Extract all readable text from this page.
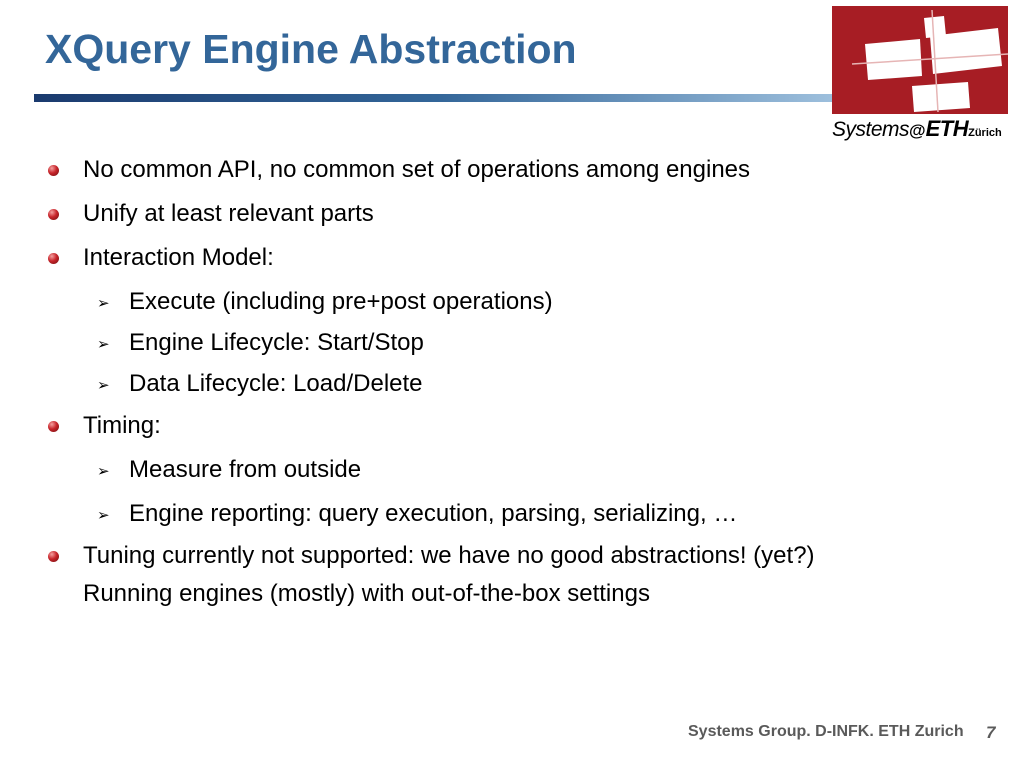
XQuery Engine Abstraction
Systems@ETHZürich
No common API, no common set of operations among engines
Unify at least relevant parts
Interaction Model:
➢ Execute (including pre+post operations)
➢ Engine Lifecycle: Start/Stop
➢ Data Lifecycle: Load/Delete
Timing:
➢ Measure from outside
➢ Engine reporting: query execution, parsing, serializing, …
Tuning currently not supported: we have no good abstractions! (yet?)
Running engines (mostly) with out-of-the-box settings
Systems Group. D-INFK. ETH Zurich 7
